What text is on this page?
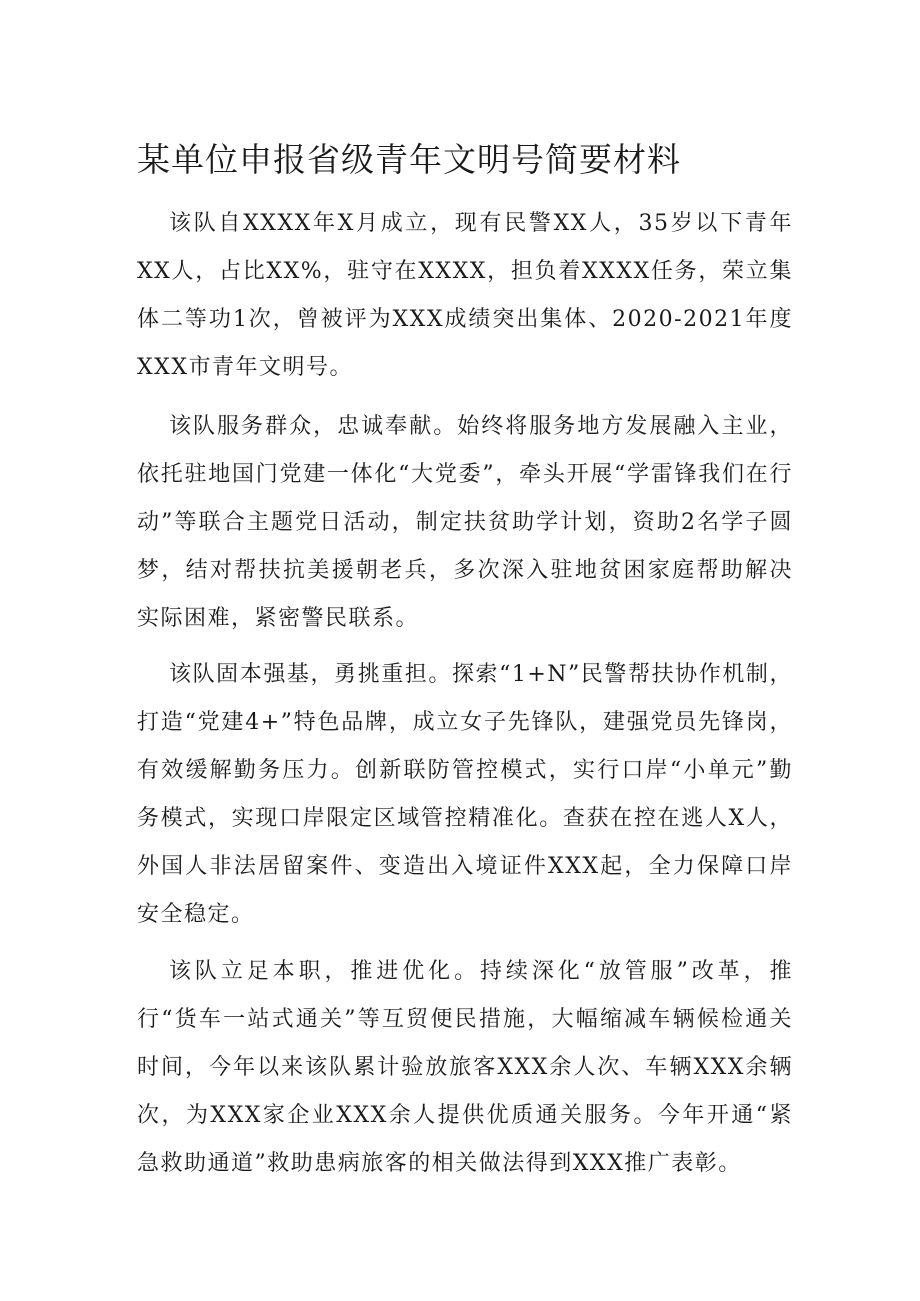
某单位申报省级青年文明号简要材料

该队自XXXX年X月成立，现有民警XX人，35岁以下青年XX人，占比XX%，驻守在XXXX，担负着XXXX任务，荣立集体二等功1次，曾被评为XXX成绩突出集体、2020-2021年度XXX市青年文明号。

该队服务群众，忠诚奉献。始终将服务地方发展融入主业，依托驻地国门党建一体化“大党委”，牵头开展“学雷锋我们在行动”等联合主题党日活动，制定扶贫助学计划，资助2名学子圆梦，结对帮扶抗美援朝老兵，多次深入驻地贫困家庭帮助解决实际困难，紧密警民联系。

该队固本强基，勇挑重担。探索“1+N”民警帮扶协作机制，打造“党建4+”特色品牌，成立女子先锋队，建强党员先锋岗，有效缓解勤务压力。创新联防管控模式，实行口岸“小单元”勤务模式，实现口岸限定区域管控精准化。查获在控在逃人X人，外国人非法居留案件、变造出入境证件XXX起，全力保障口岸安全稳定。

该队立足本职，推进优化。持续深化“放管服”改革，推行“货车一站式通关”等互贸便民措施，大幅缩减车辆候检通关时间，今年以来该队累计验放旅客XXX余人次、车辆XXX余辆次，为XXX家企业XXX余人提供优质通关服务。今年开通“紧急救助通道”救助患病旅客的相关做法得到XXX推广表彰。
